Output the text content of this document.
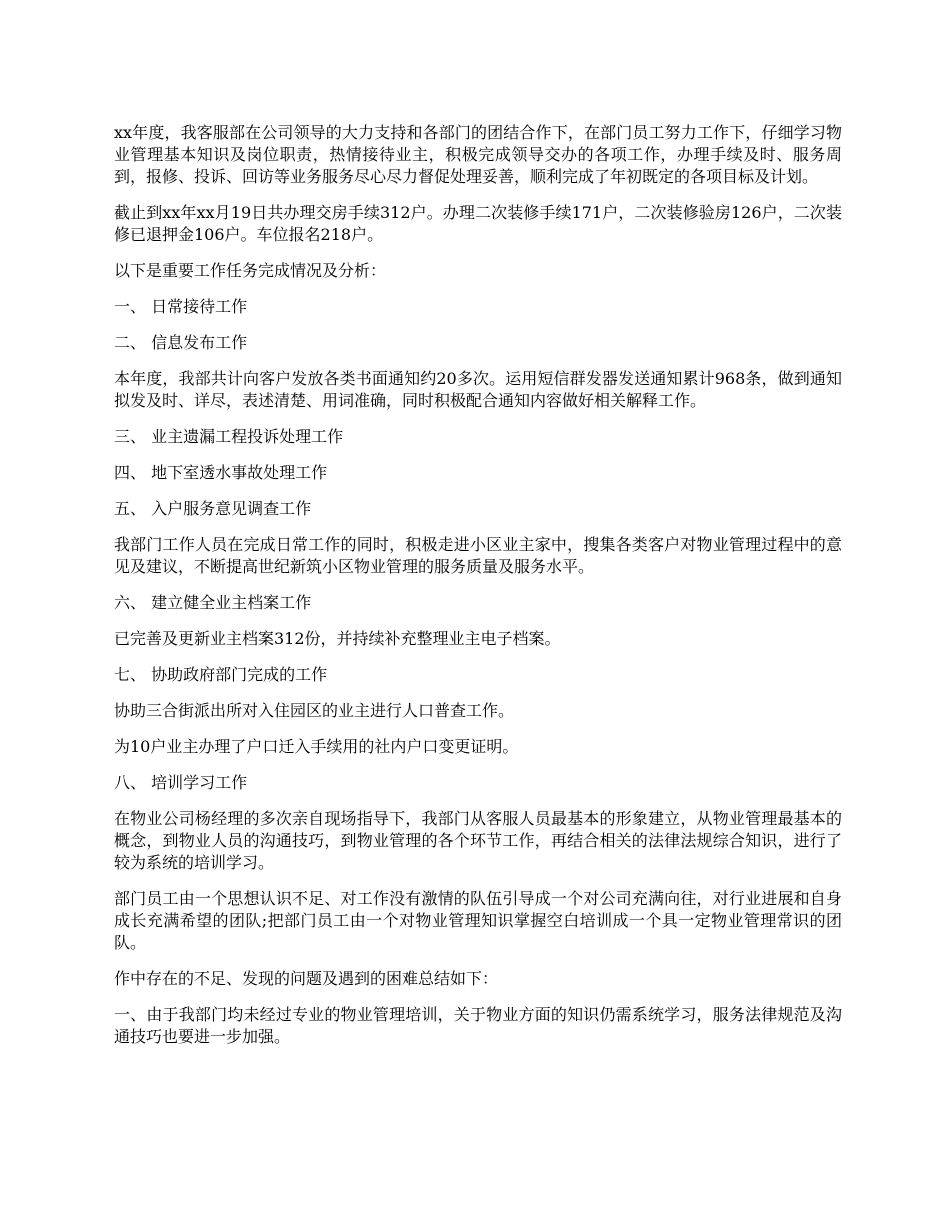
xx年度，我客服部在公司领导的大力支持和各部门的团结合作下，在部门员工努力工作下，仔细学习物业管理基本知识及岗位职责，热情接待业主，积极完成领导交办的各项工作，办理手续及时、服务周到，报修、投诉、回访等业务服务尽心尽力督促处理妥善，顺利完成了年初既定的各项目标及计划。

截止到xx年xx月19日共办理交房手续312户。办理二次装修手续171户，二次装修验房126户，二次装修已退押金106户。车位报名218户。

以下是重要工作任务完成情况及分析：

一、 日常接待工作

二、 信息发布工作

本年度，我部共计向客户发放各类书面通知约20多次。运用短信群发器发送通知累计968条，做到通知拟发及时、详尽，表述清楚、用词准确，同时积极配合通知内容做好相关解释工作。

三、 业主遗漏工程投诉处理工作

四、 地下室透水事故处理工作

五、 入户服务意见调查工作

我部门工作人员在完成日常工作的同时，积极走进小区业主家中，搜集各类客户对物业管理过程中的意见及建议，不断提高世纪新筑小区物业管理的服务质量及服务水平。

六、 建立健全业主档案工作

已完善及更新业主档案312份，并持续补充整理业主电子档案。

七、 协助政府部门完成的工作

协助三合街派出所对入住园区的业主进行人口普查工作。

为10户业主办理了户口迁入手续用的社内户口变更证明。

八、 培训学习工作

在物业公司杨经理的多次亲自现场指导下，我部门从客服人员最基本的形象建立，从物业管理最基本的概念，到物业人员的沟通技巧，到物业管理的各个环节工作，再结合相关的法律法规综合知识，进行了较为系统的培训学习。

部门员工由一个思想认识不足、对工作没有激情的队伍引导成一个对公司充满向往，对行业进展和自身成长充满希望的团队;把部门员工由一个对物业管理知识掌握空白培训成一个具一定物业管理常识的团队。

作中存在的不足、发现的问题及遇到的困难总结如下：

一、由于我部门均未经过专业的物业管理培训，关于物业方面的知识仍需系统学习，服务法律规范及沟通技巧也要进一步加强。
